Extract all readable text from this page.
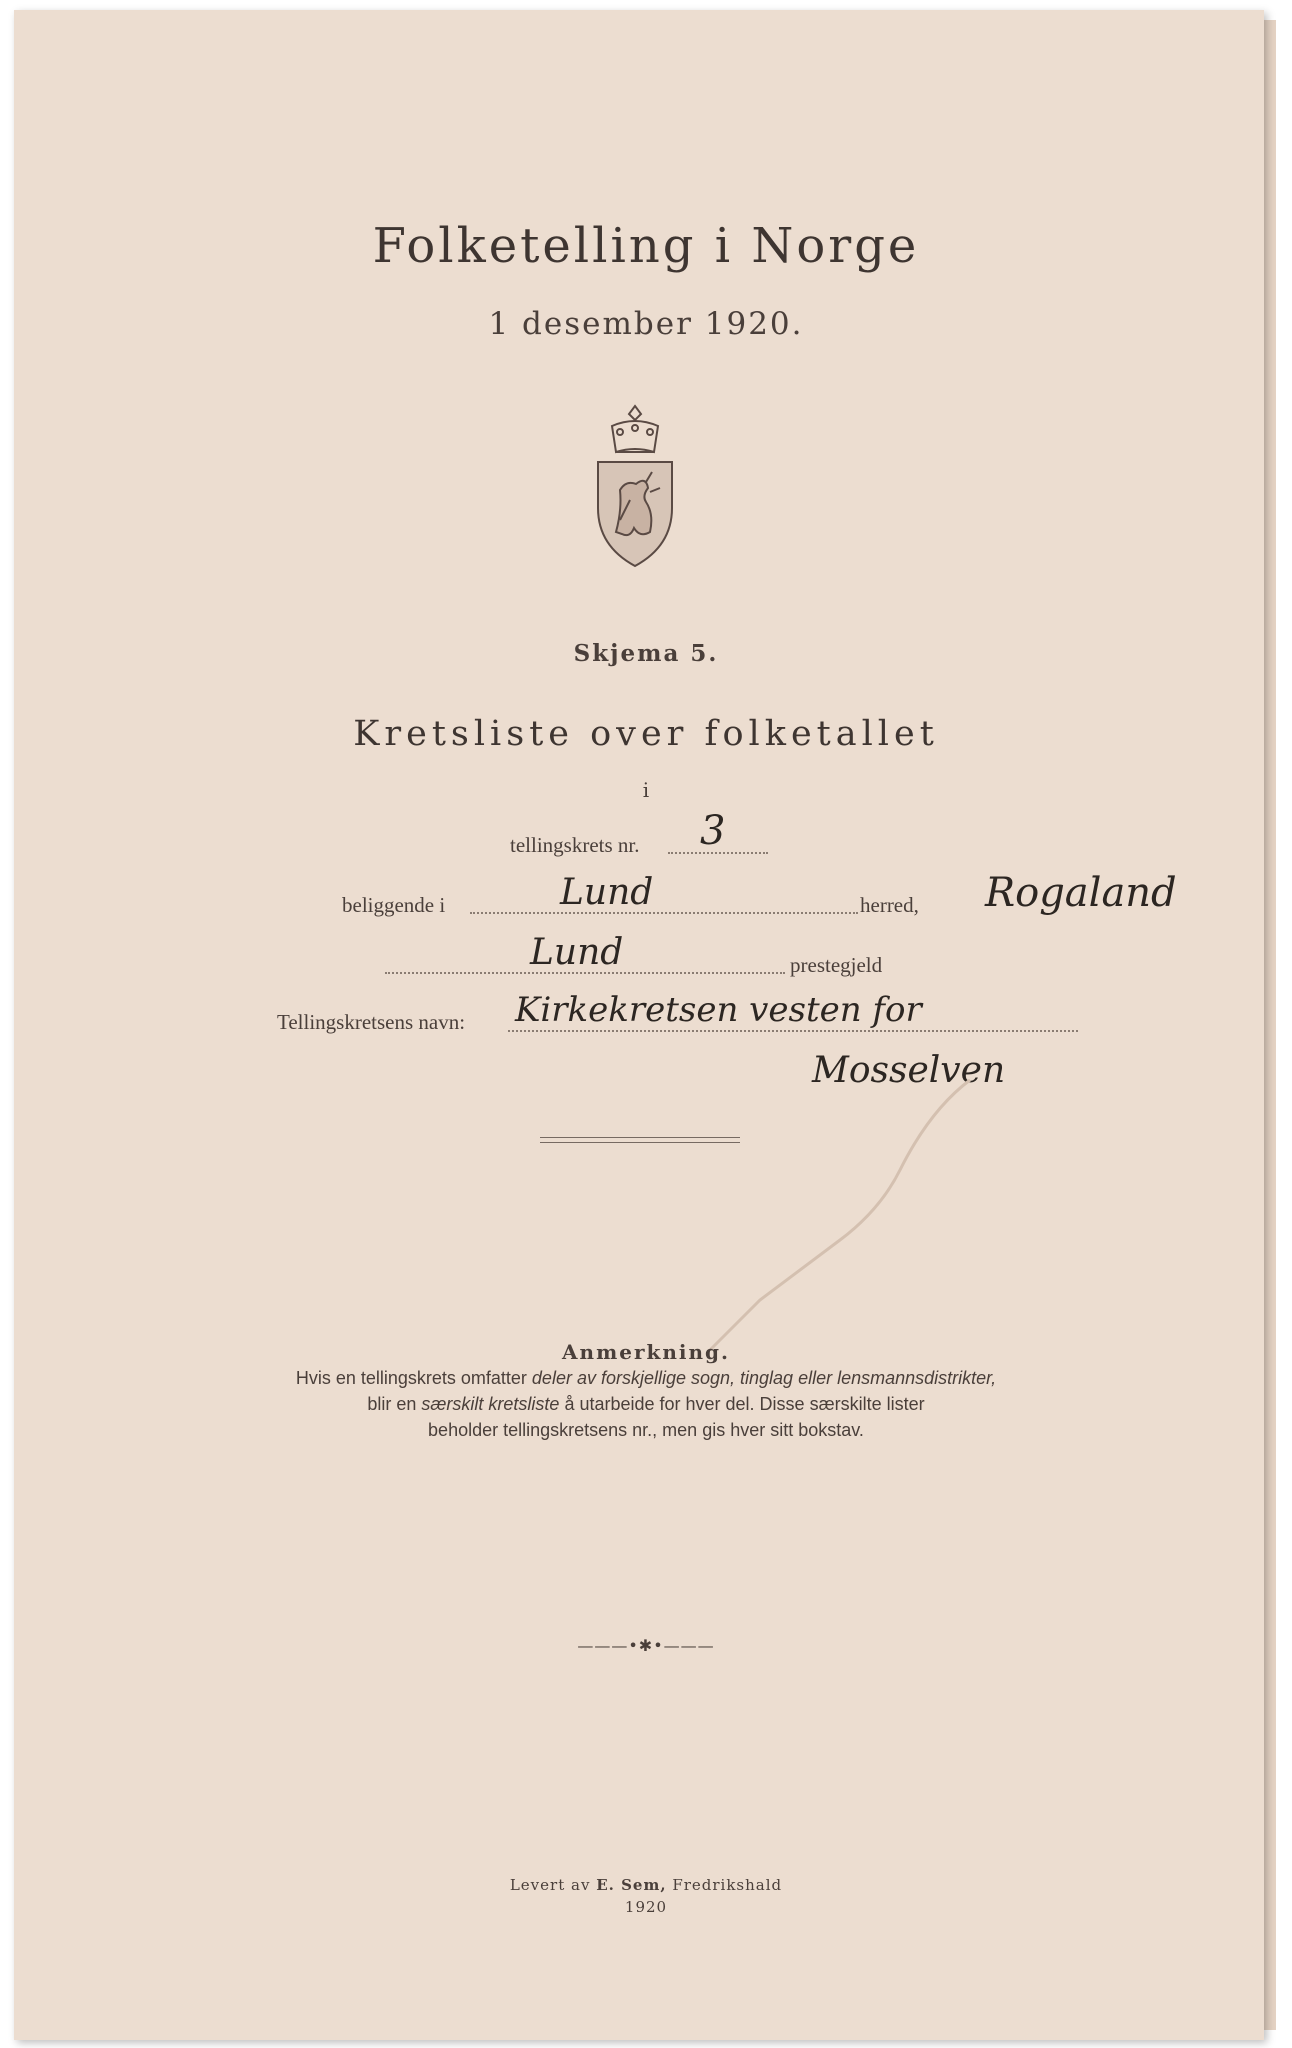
Folketelling i Norge
1 desember 1920.
Skjema 5.
Kretsliste over folketallet
i
tellingskrets nr. 3
beliggende i	Lund	herred, Rogaland
Lund	prestegjeld
Tellingskretsens navn: Kirkekretsen vesten for
Mosselven
Anmerkning.
Hvis en tellingskrets omfatter deler av forskjellige sogn, tinglag eller lensmannsdistrikter,
blir en særskilt kretsliste å utarbeide for hver del. Disse særskilte lister
beholder tellingskretsens nr., men gis hver sitt bokstav.
———•✱•———
Levert av E. Sem, Fredrikshald
1920
